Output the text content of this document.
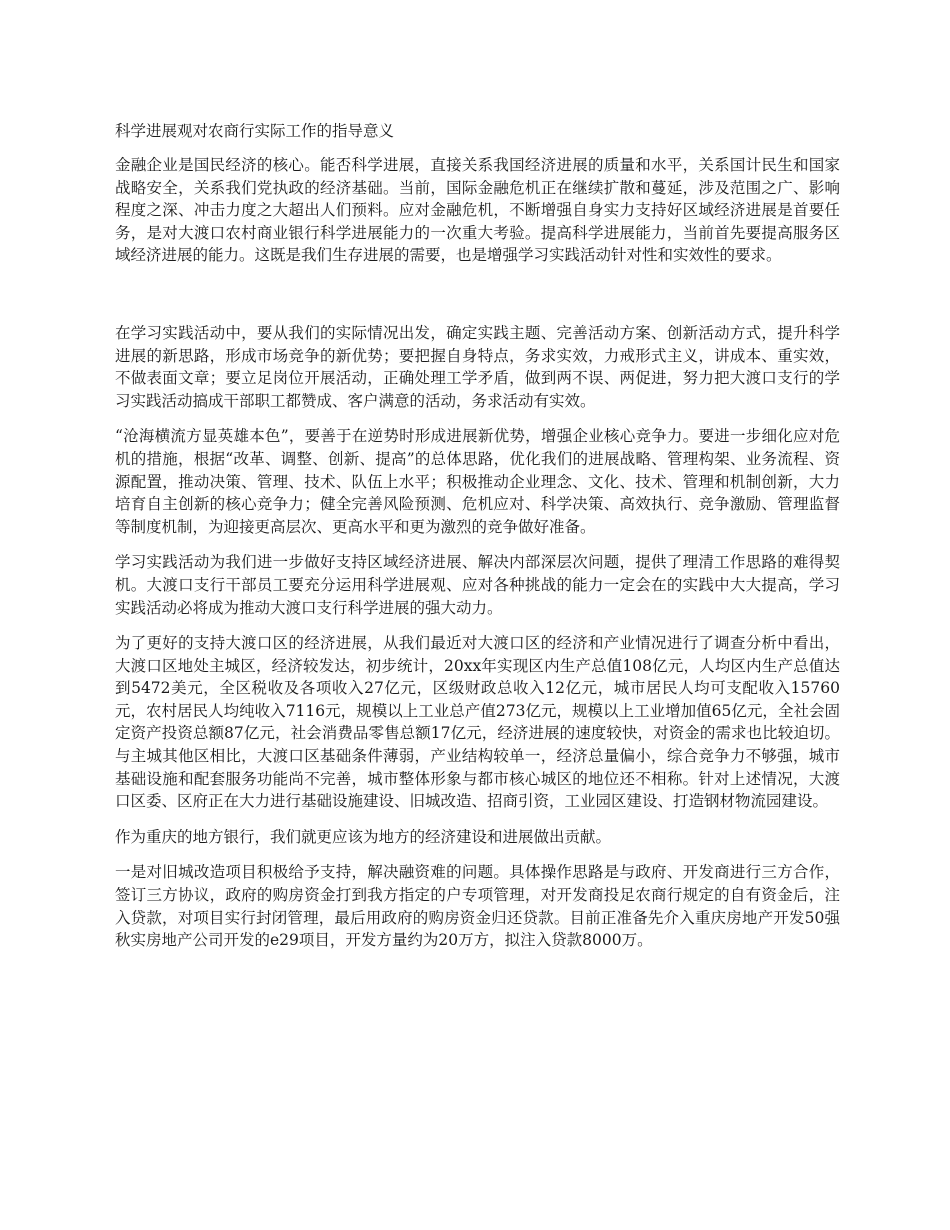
科学进展观对农商行实际工作的指导意义

金融企业是国民经济的核心。能否科学进展，直接关系我国经济进展的质量和水平，关系国计民生和国家战略安全，关系我们党执政的经济基础。当前，国际金融危机正在继续扩散和蔓延，涉及范围之广、影响程度之深、冲击力度之大超出人们预料。应对金融危机，不断增强自身实力支持好区域经济进展是首要任务，是对大渡口农村商业银行科学进展能力的一次重大考验。提高科学进展能力，当前首先要提高服务区域经济进展的能力。这既是我们生存进展的需要，也是增强学习实践活动针对性和实效性的要求。

在学习实践活动中，要从我们的实际情况出发，确定实践主题、完善活动方案、创新活动方式，提升科学进展的新思路，形成市场竞争的新优势；要把握自身特点，务求实效，力戒形式主义，讲成本、重实效，不做表面文章；要立足岗位开展活动，正确处理工学矛盾，做到两不误、两促进，努力把大渡口支行的学习实践活动搞成干部职工都赞成、客户满意的活动，务求活动有实效。

“沧海横流方显英雄本色”，要善于在逆势时形成进展新优势，增强企业核心竞争力。要进一步细化应对危机的措施，根据“改革、调整、创新、提高”的总体思路，优化我们的进展战略、管理构架、业务流程、资源配置，推动决策、管理、技术、队伍上水平；积极推动企业理念、文化、技术、管理和机制创新，大力培育自主创新的核心竞争力；健全完善风险预测、危机应对、科学决策、高效执行、竞争激励、管理监督等制度机制，为迎接更高层次、更高水平和更为激烈的竞争做好准备。

学习实践活动为我们进一步做好支持区域经济进展、解决内部深层次问题，提供了理清工作思路的难得契机。大渡口支行干部员工要充分运用科学进展观、应对各种挑战的能力一定会在的实践中大大提高，学习实践活动必将成为推动大渡口支行科学进展的强大动力。

为了更好的支持大渡口区的经济进展，从我们最近对大渡口区的经济和产业情况进行了调查分析中看出，大渡口区地处主城区，经济较发达，初步统计，20xx年实现区内生产总值108亿元，人均区内生产总值达到5472美元，全区税收及各项收入27亿元，区级财政总收入12亿元，城市居民人均可支配收入15760元，农村居民人均纯收入7116元，规模以上工业总产值273亿元，规模以上工业增加值65亿元，全社会固定资产投资总额87亿元，社会消费品零售总额17亿元，经济进展的速度较快，对资金的需求也比较迫切。与主城其他区相比，大渡口区基础条件薄弱，产业结构较单一，经济总量偏小，综合竞争力不够强，城市基础设施和配套服务功能尚不完善，城市整体形象与都市核心城区的地位还不相称。针对上述情况，大渡口区委、区府正在大力进行基础设施建设、旧城改造、招商引资，工业园区建设、打造钢材物流园建设。

作为重庆的地方银行，我们就更应该为地方的经济建设和进展做出贡献。

一是对旧城改造项目积极给予支持，解决融资难的问题。具体操作思路是与政府、开发商进行三方合作，签订三方协议，政府的购房资金打到我方指定的户专项管理，对开发商投足农商行规定的自有资金后，注入贷款，对项目实行封闭管理，最后用政府的购房资金归还贷款。目前正准备先介入重庆房地产开发50强秋实房地产公司开发的e29项目，开发方量约为20万方，拟注入贷款8000万。
